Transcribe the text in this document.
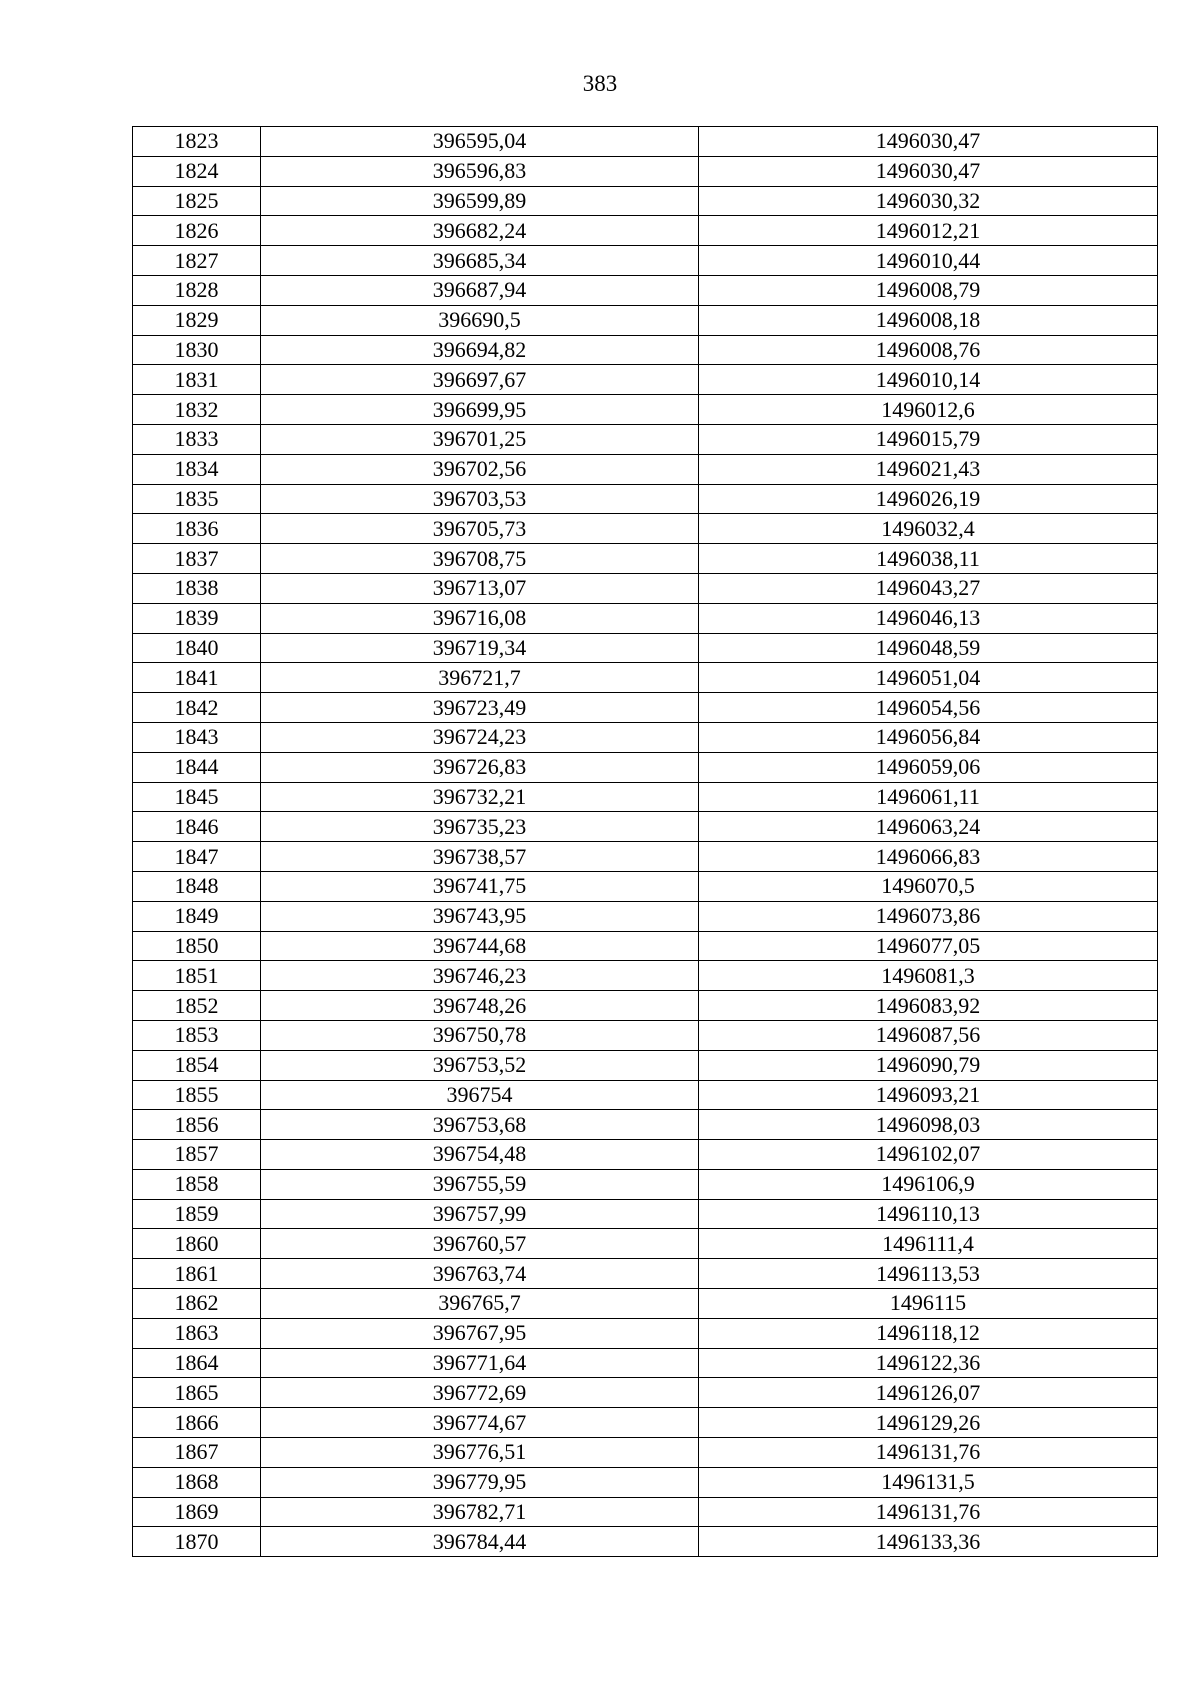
383
1823	396595,04	1496030,47
1824	396596,83	1496030,47
1825	396599,89	1496030,32
1826	396682,24	1496012,21
1827	396685,34	1496010,44
1828	396687,94	1496008,79
1829	396690,5	1496008,18
1830	396694,82	1496008,76
1831	396697,67	1496010,14
1832	396699,95	1496012,6
1833	396701,25	1496015,79
1834	396702,56	1496021,43
1835	396703,53	1496026,19
1836	396705,73	1496032,4
1837	396708,75	1496038,11
1838	396713,07	1496043,27
1839	396716,08	1496046,13
1840	396719,34	1496048,59
1841	396721,7	1496051,04
1842	396723,49	1496054,56
1843	396724,23	1496056,84
1844	396726,83	1496059,06
1845	396732,21	1496061,11
1846	396735,23	1496063,24
1847	396738,57	1496066,83
1848	396741,75	1496070,5
1849	396743,95	1496073,86
1850	396744,68	1496077,05
1851	396746,23	1496081,3
1852	396748,26	1496083,92
1853	396750,78	1496087,56
1854	396753,52	1496090,79
1855	396754	1496093,21
1856	396753,68	1496098,03
1857	396754,48	1496102,07
1858	396755,59	1496106,9
1859	396757,99	1496110,13
1860	396760,57	1496111,4
1861	396763,74	1496113,53
1862	396765,7	1496115
1863	396767,95	1496118,12
1864	396771,64	1496122,36
1865	396772,69	1496126,07
1866	396774,67	1496129,26
1867	396776,51	1496131,76
1868	396779,95	1496131,5
1869	396782,71	1496131,76
1870	396784,44	1496133,36
